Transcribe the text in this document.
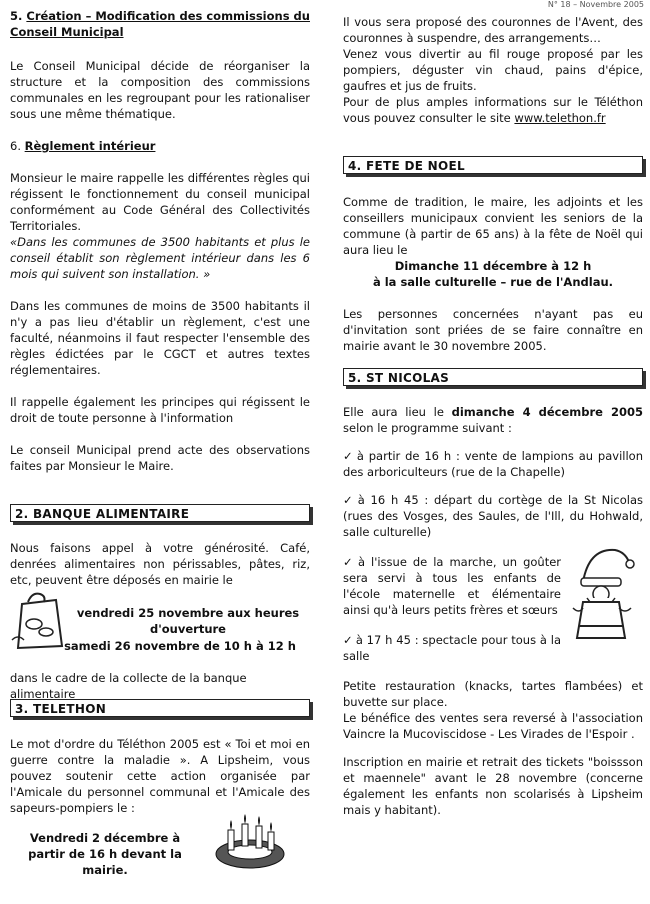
N° 18 – Novembre 2005
5. Création – Modification des commissions du
Conseil Municipal

Le Conseil Municipal décide de réorganiser la structure et la composition des commissions communales en les regroupant pour les rationaliser sous une même thématique.

6. Règlement intérieur

Monsieur le maire rappelle les différentes règles qui régissent le fonctionnement du conseil municipal conformément au Code Général des Collectivités Territoriales.

«Dans les communes de 3500 habitants et plus le conseil établit son règlement intérieur dans les 6 mois qui suivent son installation. »

Dans les communes de moins de 3500 habitants il n'y a pas lieu d'établir un règlement, c'est une faculté, néanmoins il faut respecter l'ensemble des règles édictées par le CGCT et autres textes réglementaires.

Il rappelle également les principes qui régissent le droit de toute personne à l'information

Le conseil Municipal prend acte des observations faites par Monsieur le Maire.

2. BANQUE ALIMENTAIRE

Nous faisons appel à votre générosité. Café, denrées alimentaires non périssables, pâtes, riz, etc, peuvent être déposés en mairie le

vendredi 25 novembre aux heures d'ouverture

samedi 26 novembre de 10 h à 12 h

dans le cadre de la collecte de la banque alimentaire

3. TELETHON

Le mot d'ordre du Téléthon 2005 est « Toi et moi en guerre contre la maladie ». A Lipsheim, vous pouvez soutenir cette action organisée par l'Amicale du personnel communal et l'Amicale des sapeurs-pompiers le :

Vendredi 2 décembre à partir de 16 h devant la mairie.

Il vous sera proposé des couronnes de l'Avent, des couronnes à suspendre, des arrangements…

Venez vous divertir au fil rouge proposé par les pompiers, déguster vin chaud, pains d'épice, gaufres et jus de fruits.

Pour de plus amples informations sur le Téléthon vous pouvez consulter le site www.telethon.fr

4. FETE DE NOEL

Comme de tradition, le maire, les adjoints et les conseillers municipaux convient les seniors de la commune (à partir de 65 ans) à la fête de Noël qui aura lieu le

Dimanche 11 décembre à 12 h

à la salle culturelle – rue de l'Andlau.

Les personnes concernées n'ayant pas eu d'invitation sont priées de se faire connaître en mairie avant le 30 novembre 2005.

5. ST NICOLAS

Elle aura lieu le dimanche 4 décembre 2005 selon le programme suivant :

✓ à partir de 16 h : vente de lampions au pavillon des arboriculteurs (rue de la Chapelle)

✓ à 16 h 45 : départ du cortège de la St Nicolas (rues des Vosges, des Saules, de l'Ill, du Hohwald, salle culturelle)

✓ à l'issue de la marche, un goûter sera servi à tous les enfants de l'école maternelle et élémentaire ainsi qu'à leurs petits frères et sœurs

✓ à 17 h 45 : spectacle pour tous à la salle

Petite restauration (knacks, tartes flambées) et buvette sur place.

Le bénéfice des ventes sera reversé à l'association Vaincre la Mucoviscidose - Les Virades de l'Espoir .

Inscription en mairie et retrait des tickets "boissson et maennele" avant le 28 novembre (concerne également les enfants non scolarisés à Lipsheim mais y habitant).
